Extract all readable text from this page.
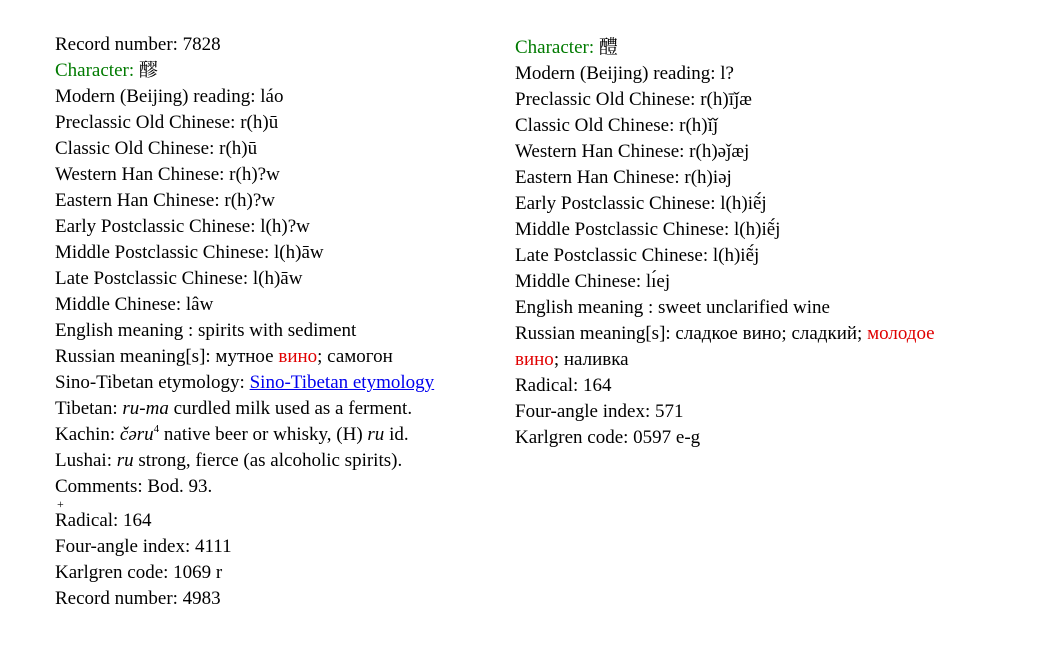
Record number: 7828
Character: 醪
Modern (Beijing) reading: láo
Preclassic Old Chinese: r(h)ū
Classic Old Chinese: r(h)ū
Western Han Chinese: r(h)?w
Eastern Han Chinese: r(h)?w
Early Postclassic Chinese: l(h)?w
Middle Postclassic Chinese: l(h)āw
Late Postclassic Chinese: l(h)āw
Middle Chinese: lâw
English meaning : spirits with sediment
Russian meaning[s]: мутное вино; самогон
Sino-Tibetan etymology: Sino-Tibetan etymology
Tibetan: ru-ma curdled milk used as a ferment.
Kachin: čǝru$^4$ native beer or whisky, (H) ru id.
Lushai: ru strong, fierce (as alcoholic spirits).
Comments: Bod. 93.
+
Radical: 164
Four-angle index: 4111
Karlgren code: 1069 r
Record number: 4983
Character: 醴
Modern (Beijing) reading: l?
Preclassic Old Chinese: r(h)īǰæ
Classic Old Chinese: r(h)ǐǰ
Western Han Chinese: r(h)ǝǰæj
Eastern Han Chinese: r(h)iǝj
Early Postclassic Chinese: l(h)iẽ́j
Middle Postclassic Chinese: l(h)iẽ́j
Late Postclassic Chinese: l(h)iẽ́j
Middle Chinese: lı́ej
English meaning : sweet unclarified wine
Russian meaning[s]: сладкое вино; сладкий; молодое
вино; наливка
Radical: 164
Four-angle index: 571
Karlgren code: 0597 e-g
